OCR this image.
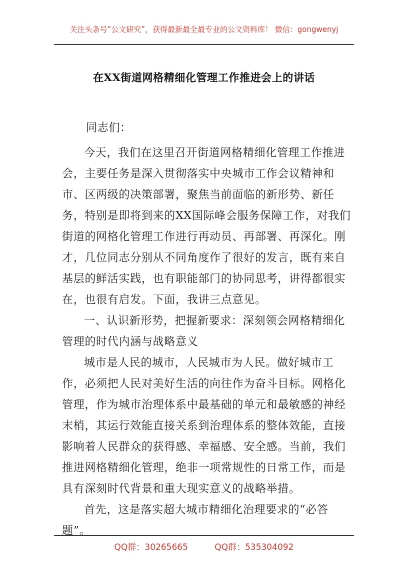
关注头条号“公文研究”，获得最新最全最专业的公文资料库！ 微信：gongwenyj
在XX街道网格精细化管理工作推进会上的讲话

同志们：

今天，我们在这里召开街道网格精细化管理工作推进会，主要任务是深入贯彻落实中央城市工作会议精神和市、区两级的决策部署，聚焦当前面临的新形势、新任务，特别是即将到来的XX国际峰会服务保障工作，对我们街道的网格化管理工作进行再动员、再部署、再深化。刚才，几位同志分别从不同角度作了很好的发言，既有来自基层的鲜活实践，也有职能部门的协同思考，讲得都很实在，也很有启发。下面，我讲三点意见。

一、认识新形势，把握新要求：深刻领会网格精细化管理的时代内涵与战略意义

城市是人民的城市，人民城市为人民。做好城市工作，必须把人民对美好生活的向往作为奋斗目标。网格化管理，作为城市治理体系中最基础的单元和最敏感的神经末梢，其运行效能直接关系到治理体系的整体效能，直接影响着人民群众的获得感、幸福感、安全感。当前，我们推进网格精细化管理，绝非一项常规性的日常工作，而是具有深刻时代背景和重大现实意义的战略举措。

首先，这是落实超大城市精细化治理要求的“必答题”。

QQ群：30265665	QQ群：535304092
